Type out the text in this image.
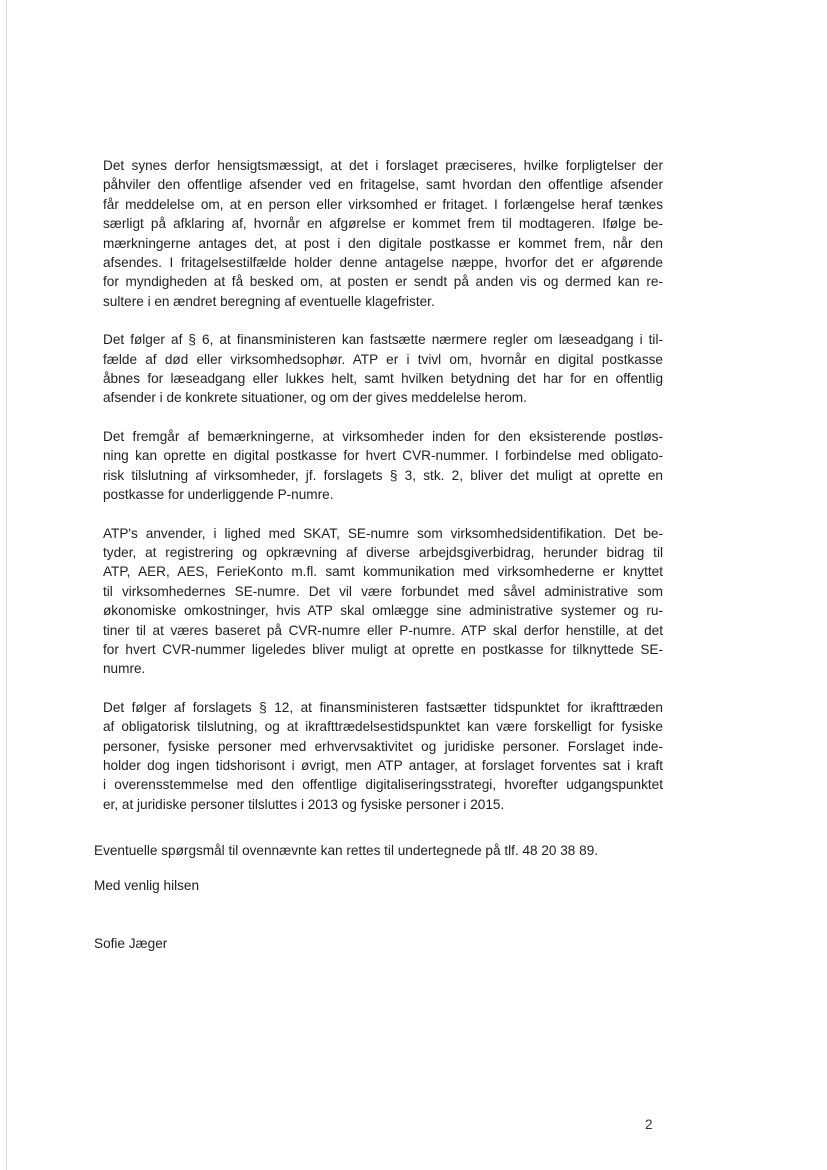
Det synes derfor hensigtsmæssigt, at det i forslaget præciseres, hvilke forpligtelser der
påhviler den offentlige afsender ved en fritagelse, samt hvordan den offentlige afsender
får meddelelse om, at en person eller virksomhed er fritaget. I forlængelse heraf tænkes
særligt på afklaring af, hvornår en afgørelse er kommet frem til modtageren. Ifølge be-
mærkningerne antages det, at post i den digitale postkasse er kommet frem, når den
afsendes. I fritagelsestilfælde holder denne antagelse næppe, hvorfor det er afgørende
for myndigheden at få besked om, at posten er sendt på anden vis og dermed kan re-
sultere i en ændret beregning af eventuelle klagefrister.

Det følger af § 6, at finansministeren kan fastsætte nærmere regler om læseadgang i til-
fælde af død eller virksomhedsophør. ATP er i tvivl om, hvornår en digital postkasse
åbnes for læseadgang eller lukkes helt, samt hvilken betydning det har for en offentlig
afsender i de konkrete situationer, og om der gives meddelelse herom.

Det fremgår af bemærkningerne, at virksomheder inden for den eksisterende postløs-
ning kan oprette en digital postkasse for hvert CVR-nummer. I forbindelse med obligato-
risk tilslutning af virksomheder, jf. forslagets § 3, stk. 2, bliver det muligt at oprette en
postkasse for underliggende P-numre.

ATP's anvender, i lighed med SKAT, SE-numre som virksomhedsidentifikation. Det be-
tyder, at registrering og opkrævning af diverse arbejdsgiverbidrag, herunder bidrag til
ATP, AER, AES, FerieKonto m.fl. samt kommunikation med virksomhederne er knyttet
til virksomhedernes SE-numre. Det vil være forbundet med såvel administrative som
økonomiske omkostninger, hvis ATP skal omlægge sine administrative systemer og ru-
tiner til at væres baseret på CVR-numre eller P-numre. ATP skal derfor henstille, at det
for hvert CVR-nummer ligeledes bliver muligt at oprette en postkasse for tilknyttede SE-
numre.

Det følger af forslagets § 12, at finansministeren fastsætter tidspunktet for ikrafttræden
af obligatorisk tilslutning, og at ikrafttrædelsestidspunktet kan være forskelligt for fysiske
personer, fysiske personer med erhvervsaktivitet og juridiske personer. Forslaget inde-
holder dog ingen tidshorisont i øvrigt, men ATP antager, at forslaget forventes sat i kraft
i overensstemmelse med den offentlige digitaliseringsstrategi, hvorefter udgangspunktet
er, at juridiske personer tilsluttes i 2013 og fysiske personer i 2015.

Eventuelle spørgsmål til ovennævnte kan rettes til undertegnede på tlf. 48 20 38 89.

Med venlig hilsen

Sofie Jæger

2
